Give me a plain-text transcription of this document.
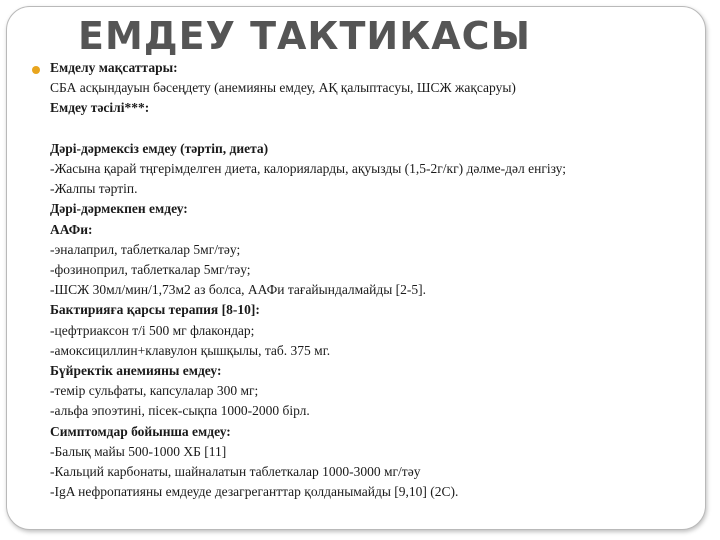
ЕМДЕУ ТАКТИКАСЫ
Емделу мақсаттары:
СБА асқындауын бәсеңдету (анемияны емдеу, АҚ қалыптасуы, ШСЖ жақсаруы)
Емдеу тәсілі***:
Дәрі-дәрмексіз емдеу (тәртіп, диета)
-Жасына қарай тңгерімделген диета, калорияларды, ақуызды (1,5-2г/кг) дәлме-дәл енгізу;
-Жалпы тәртіп.
Дәрі-дәрмекпен емдеу:
ААФи:
-эналаприл, таблеткалар 5мг/тәу;
-фозиноприл, таблеткалар 5мг/тәу;
-ШСЖ 30мл/мин/1,73м2 аз болса, ААФи тағайындалмайды [2-5].
Бактирияға қарсы терапия [8-10]:
-цефтриаксон т/і 500 мг флакондар;
-амоксициллин+клавулон қышқылы, таб. 375 мг.
Бүйректік анемияны емдеу:
-темір сульфаты, капсулалар 300 мг;
-альфа эпоэтині, пісек-сықпа 1000-2000 бірл.
Симптомдар бойынша емдеу:
-Балық майы 500-1000 ХБ [11]
-Кальций карбонаты, шайналатын таблеткалар 1000-3000 мг/тәу
-IgA нефропатияны емдеуде дезагреганттар қолданымайды [9,10] (2С).
